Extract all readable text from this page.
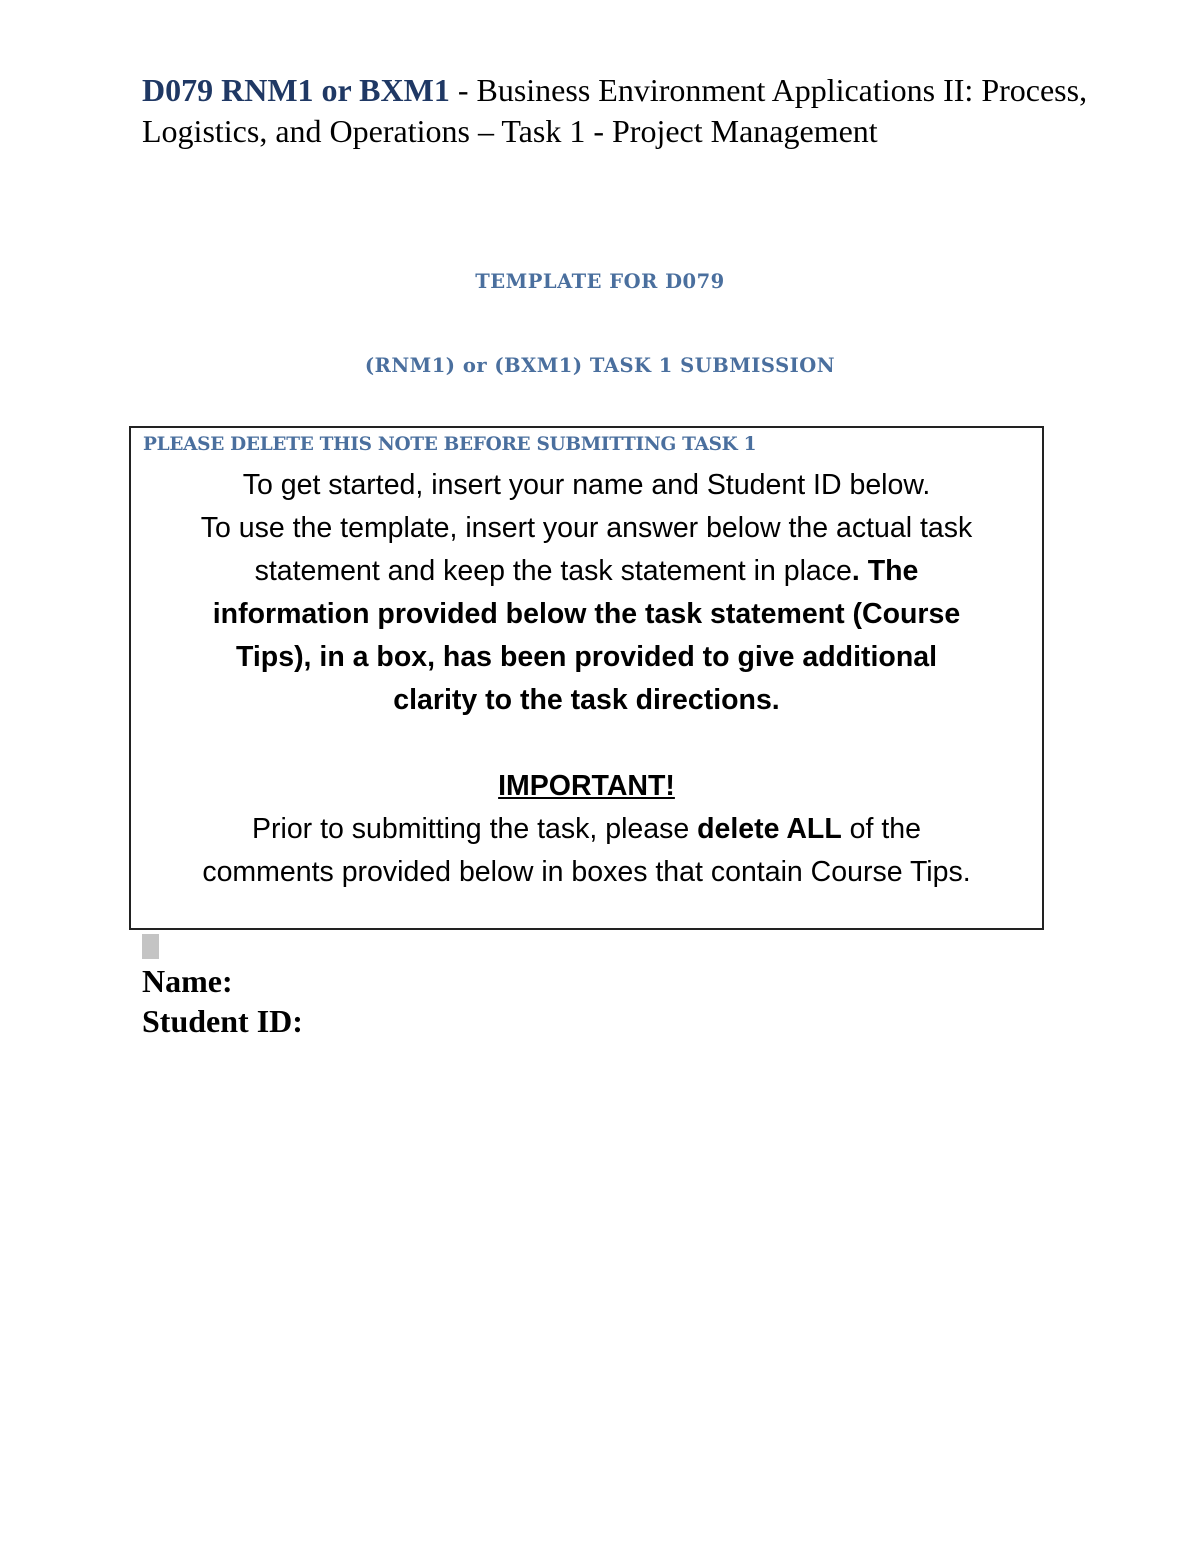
D079 RNM1 or BXM1 - Business Environment Applications II: Process, Logistics, and Operations – Task 1 - Project Management

TEMPLATE FOR D079

(RNM1) or (BXM1) TASK 1 SUBMISSION

PLEASE DELETE THIS NOTE BEFORE SUBMITTING TASK 1

To get started, insert your name and Student ID below.

To use the template, insert your answer below the actual task

statement and keep the task statement in place. The

information provided below the task statement (Course

Tips), in a box, has been provided to give additional

clarity to the task directions.

IMPORTANT!

Prior to submitting the task, please delete ALL of the

comments provided below in boxes that contain Course Tips.

Name:

Student ID:
